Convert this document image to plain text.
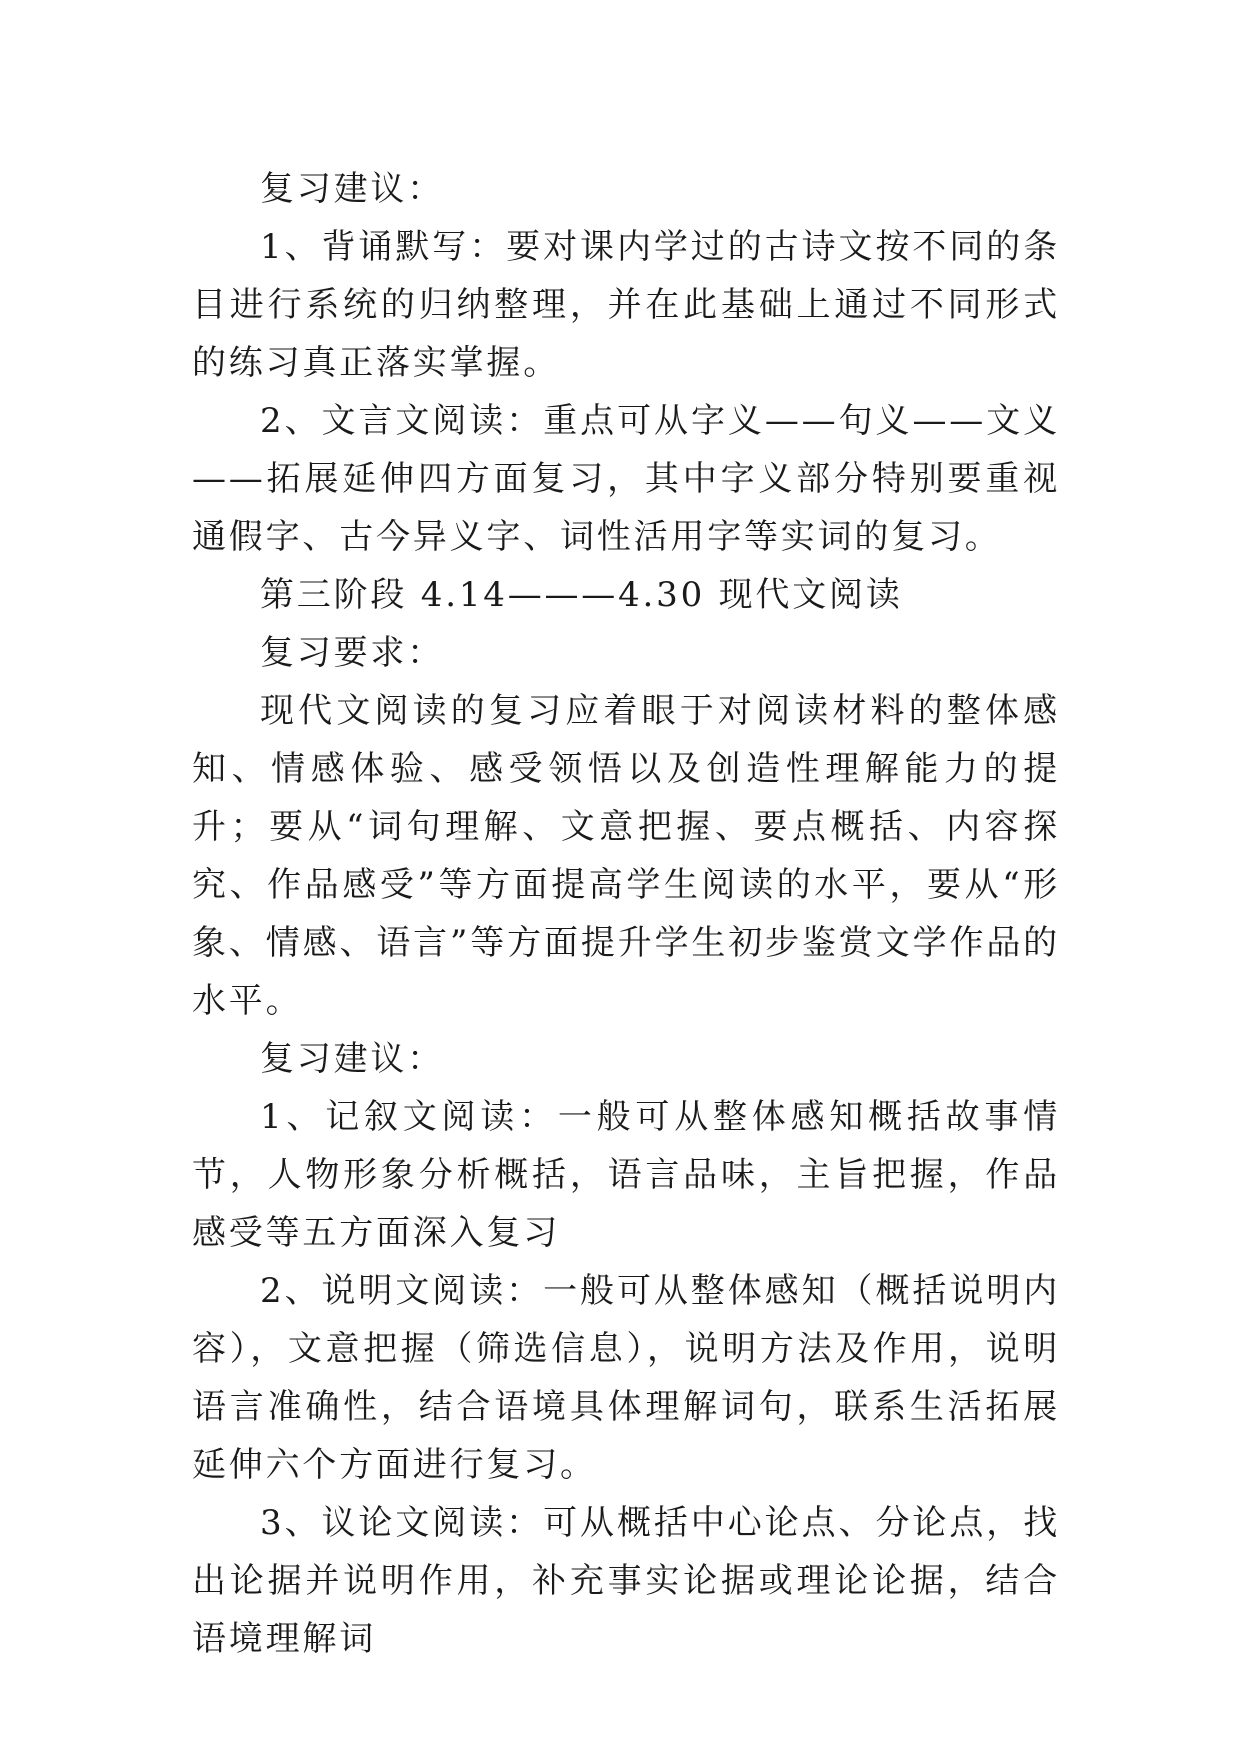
复习建议：

1、背诵默写：要对课内学过的古诗文按不同的条目进行系统的归纳整理，并在此基础上通过不同形式的练习真正落实掌握。

2、文言文阅读：重点可从字义——句义——文义——拓展延伸四方面复习，其中字义部分特别要重视通假字、古今异义字、词性活用字等实词的复习。

第三阶段 4.14———4.30 现代文阅读

复习要求：

现代文阅读的复习应着眼于对阅读材料的整体感知、情感体验、感受领悟以及创造性理解能力的提升；要从“词句理解、文意把握、要点概括、内容探究、作品感受”等方面提高学生阅读的水平，要从“形象、情感、语言”等方面提升学生初步鉴赏文学作品的水平。

复习建议：

1、记叙文阅读：一般可从整体感知概括故事情节，人物形象分析概括，语言品味，主旨把握，作品感受等五方面深入复习

2、说明文阅读：一般可从整体感知（概括说明内容），文意把握（筛选信息），说明方法及作用，说明语言准确性，结合语境具体理解词句，联系生活拓展延伸六个方面进行复习。

3、议论文阅读：可从概括中心论点、分论点，找出论据并说明作用，补充事实论据或理论论据，结合语境理解词
